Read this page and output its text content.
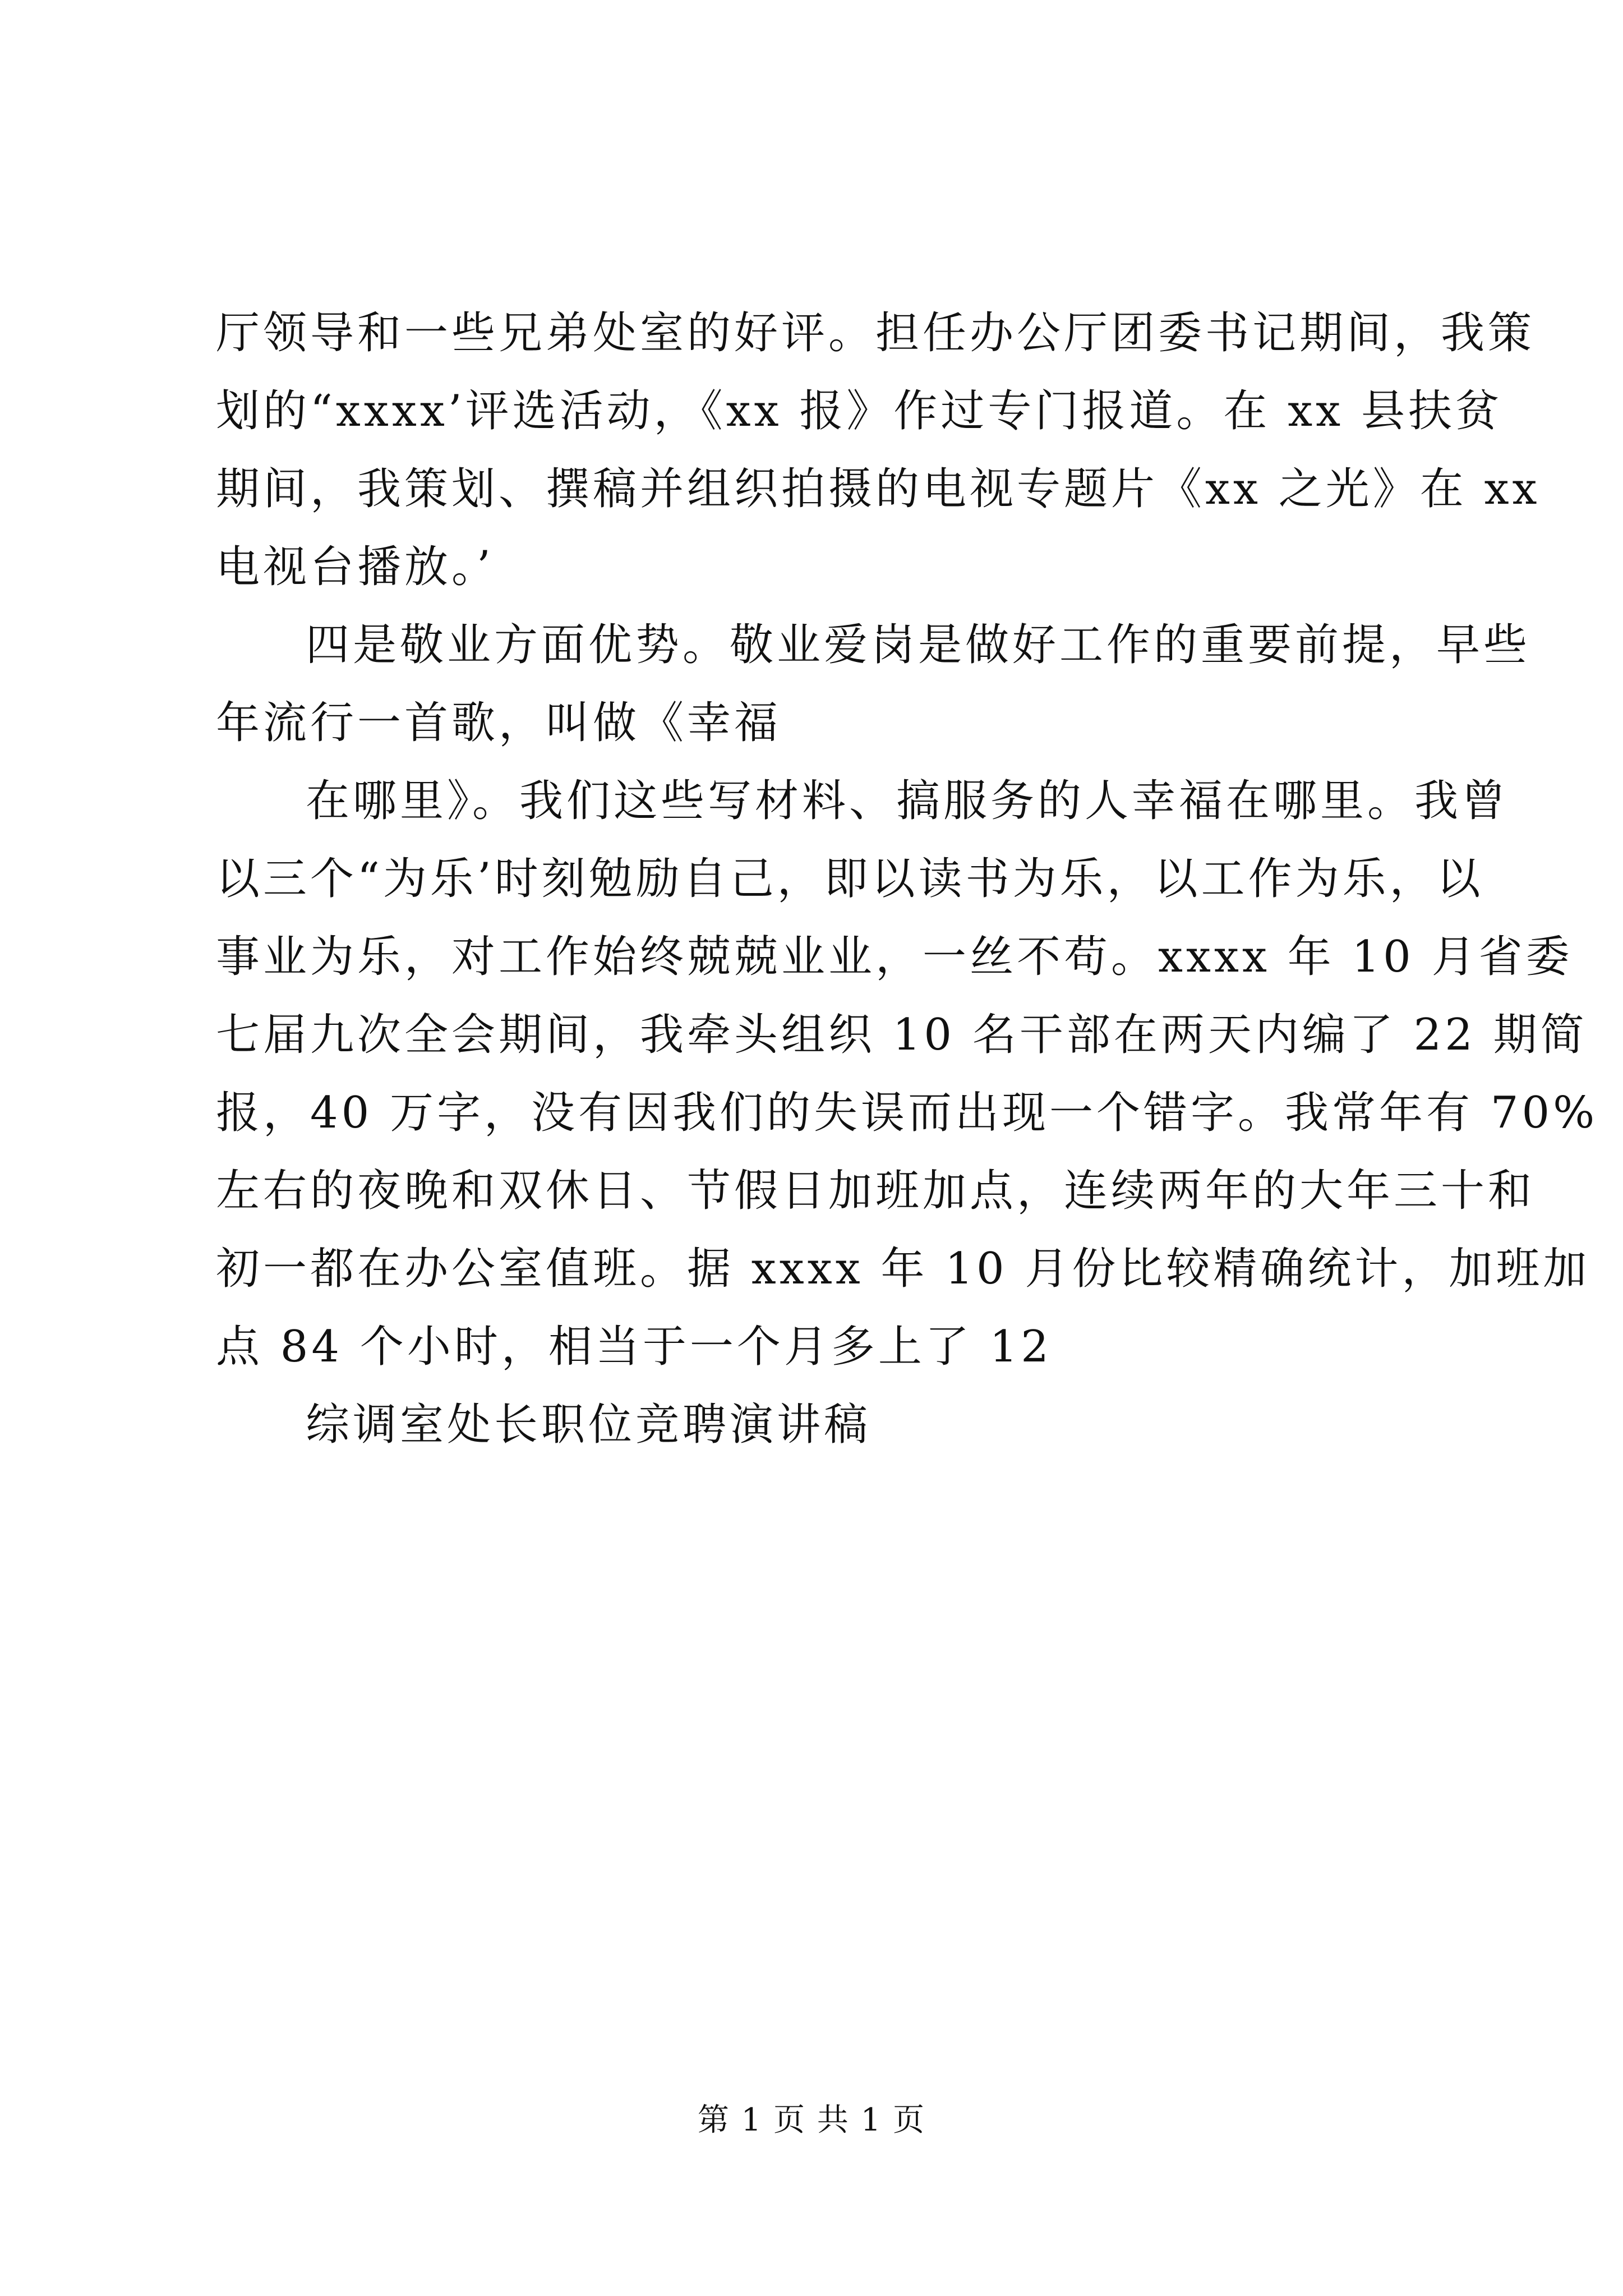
厅领导和一些兄弟处室的好评。担任办公厅团委书记期间，我策
划的“xxxx’评选活动，《xx 报》作过专门报道。在 xx 县扶贫
期间，我策划、撰稿并组织拍摄的电视专题片《xx 之光》在 xx
电视台播放。’
四是敬业方面优势。敬业爱岗是做好工作的重要前提，早些
年流行一首歌，叫做《幸福
在哪里》。我们这些写材料、搞服务的人幸福在哪里。我曾
以三个“为乐’时刻勉励自己，即以读书为乐，以工作为乐，以
事业为乐，对工作始终兢兢业业，一丝不苟。xxxx 年 10 月省委
七届九次全会期间，我牵头组织 10 名干部在两天内编了 22 期简
报，40 万字，没有因我们的失误而出现一个错字。我常年有 70%
左右的夜晚和双休日、节假日加班加点，连续两年的大年三十和
初一都在办公室值班。据 xxxx 年 10 月份比较精确统计，加班加
点 84 个小时，相当于一个月多上了 12
综调室处长职位竞聘演讲稿
第 1 页 共 1 页
